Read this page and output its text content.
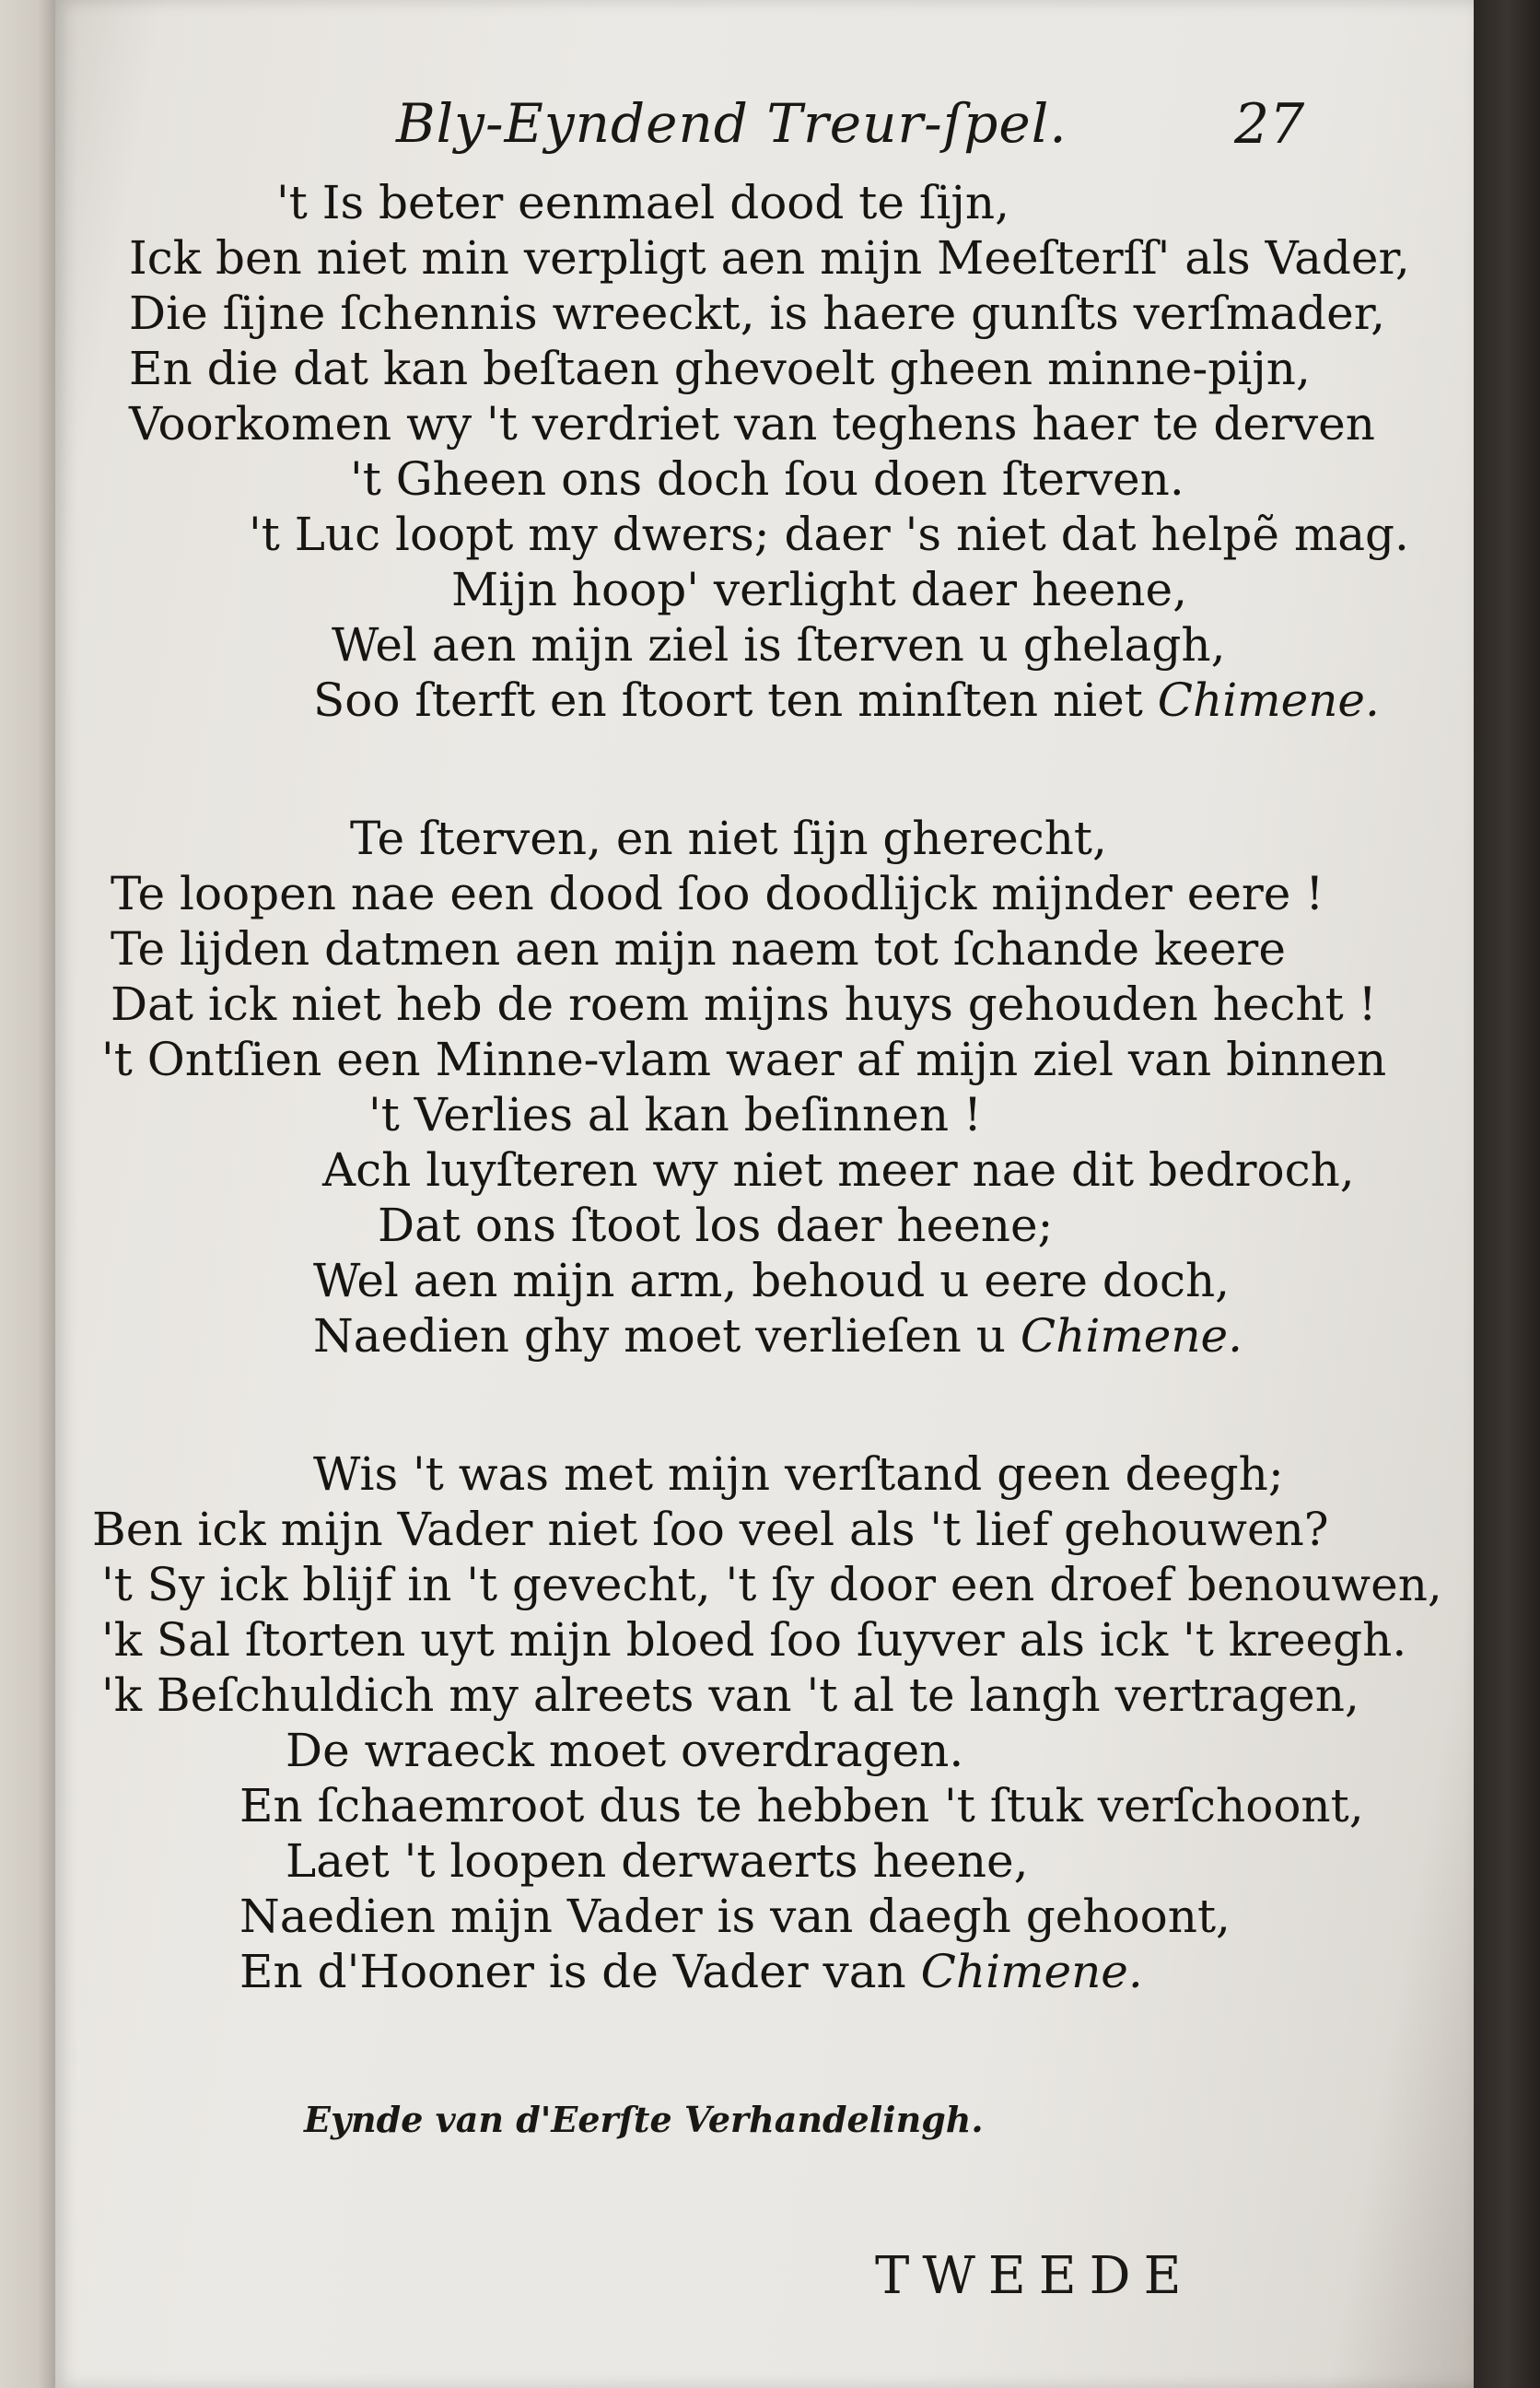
Bly-Eyndend Treur-ſpel.	27
't Is beter eenmael dood te ſijn,
Ick ben niet min verpligt aen mijn Meeſterſſ' als Vader,
Die ſijne ſchennis wreeckt, is haere gunſts verſmader,
En die dat kan beſtaen ghevoelt gheen minne-pijn,
Voorkomen wy 't verdriet van teghens haer te derven
't Gheen ons doch ſou doen ſterven.
't Luc loopt my dwers; daer 's niet dat helpẽ mag.
Mijn hoop' verlight daer heene,
Wel aen mijn ziel is ſterven u ghelagh,
Soo ſterft en ſtoort ten minſten niet Chimene.
Te ſterven, en niet ſijn gherecht,
Te loopen nae een dood ſoo doodlijck mijnder eere !
Te lijden datmen aen mijn naem tot ſchande keere
Dat ick niet heb de roem mijns huys gehouden hecht !
't Ontſien een Minne-vlam waer af mijn ziel van binnen
't Verlies al kan beſinnen !
Ach luyſteren wy niet meer nae dit bedroch,
Dat ons ſtoot los daer heene;
Wel aen mijn arm, behoud u eere doch,
Naedien ghy moet verlieſen u Chimene.
Wis 't was met mijn verſtand geen deegh;
Ben ick mijn Vader niet ſoo veel als 't lief gehouwen?
't Sy ick blijf in 't gevecht, 't ſy door een droef benouwen,
'k Sal ſtorten uyt mijn bloed ſoo ſuyver als ick 't kreegh.
'k Beſchuldich my alreets van 't al te langh vertragen,
De wraeck moet overdragen.
En ſchaemroot dus te hebben 't ſtuk verſchoont,
Laet 't loopen derwaerts heene,
Naedien mijn Vader is van daegh gehoont,
En d'Hooner is de Vader van Chimene.
Eynde van d'Eerſte Verhandelingh.
TWEEDE
